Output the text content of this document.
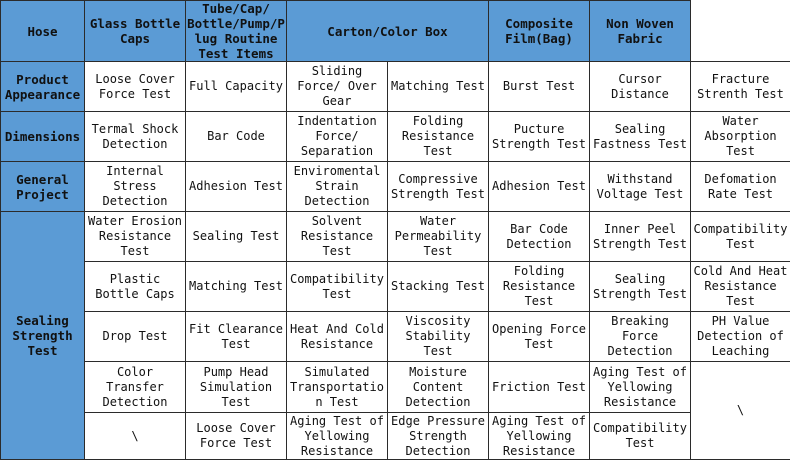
Hose	Glass Bottle Caps	Tube/Cap/ Bottle/Pump/Plug Routine Test Items	Carton/Color Box		Composite Film(Bag)	Non Woven Fabric	
Product Appearance	Loose Cover Force Test	Full Capacity	Sliding Force/ Over Gear	Matching Test	Burst Test	Cursor Distance	Fracture Strenth Test
Dimensions	Termal Shock Detection	Bar Code	Indentation Force/ Separation	Folding Resistance Test	Pucture Strength Test	Sealing Fastness Test	Water Absorption Test
General Project	Internal Stress Detection	Adhesion Test	Enviromental Strain Detection	Compressive Strength Test	Adhesion Test	Withstand Voltage Test	Defomation Rate Test
Sealing Strength Test	Water Erosion Resistance Test	Sealing Test	Solvent Resistance Test	Water Permeability Test	Bar Code Detection	Inner Peel Strength Test	Compatibility Test
	Plastic Bottle Caps	Matching Test	Compatibility Test	Stacking Test	Folding Resistance Test	Sealing Strength Test	Cold And Heat Resistance Test
	Drop Test	Fit Clearance Test	Heat And Cold Resistance	Viscosity Stability Test	Opening Force Test	Breaking Force Detection	PH Value Detection of Leaching
	Color Transfer Detection	Pump Head Simulation Test	Simulated Transportation Test	Moisture Content Detection	Friction Test	Aging Test of Yellowing Resistance	\
	\	Loose Cover Force Test	Aging Test of Yellowing Resistance	Edge Pressure Strength Detection	Aging Test of Yellowing Resistance	Compatibility Test	
